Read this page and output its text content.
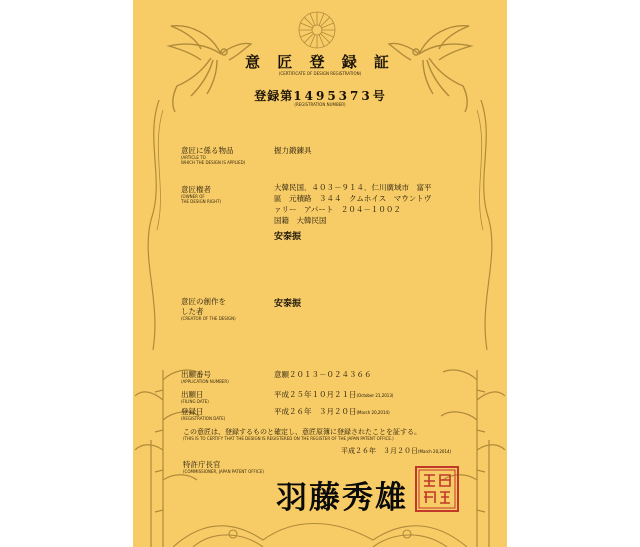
意 匠 登 録 証
(CERTIFICATE OF DESIGN REGISTRATION)
登録第1495373号
(REGISTRATION NUMBER)
意匠に係る物品
(ARTICLE TO
WHICH THE DESIGN IS APPLIED)
握力鍛錬具
意匠権者
(OWNER OF
THE DESIGN RIGHT)
大韓民国．４０３－９１４．仁川廣域市　富平
區　元積路　３４４　クムホイス　マウントヴ
ァリー　アパート　２０４－１００２
国籍　大韓民国
安泰振
意匠の創作を
した者
(CREATOR OF THE DESIGN)
安泰振
出願番号
(APPLICATION NUMBER)
意願２０１３－０２４３６６
出願日
(FILING DATE)
平成２５年１０月２１日(October 21,2013)
登録日
(REGISTRATION DATE)
平成２６年　３月２０日(March 20,2014)
この意匠は、登録するものと確定し、意匠原簿に登録されたことを証する。
(THIS IS TO CERTIFY THAT THE DESIGN IS REGISTERED ON THE REGISTER OF THE JAPAN PATENT OFFICE.)
平成２６年　３月２０日(March 20,2014)
特許庁長官
(COMMISSIONER, JAPAN PATENT OFFICE)
羽藤秀雄
